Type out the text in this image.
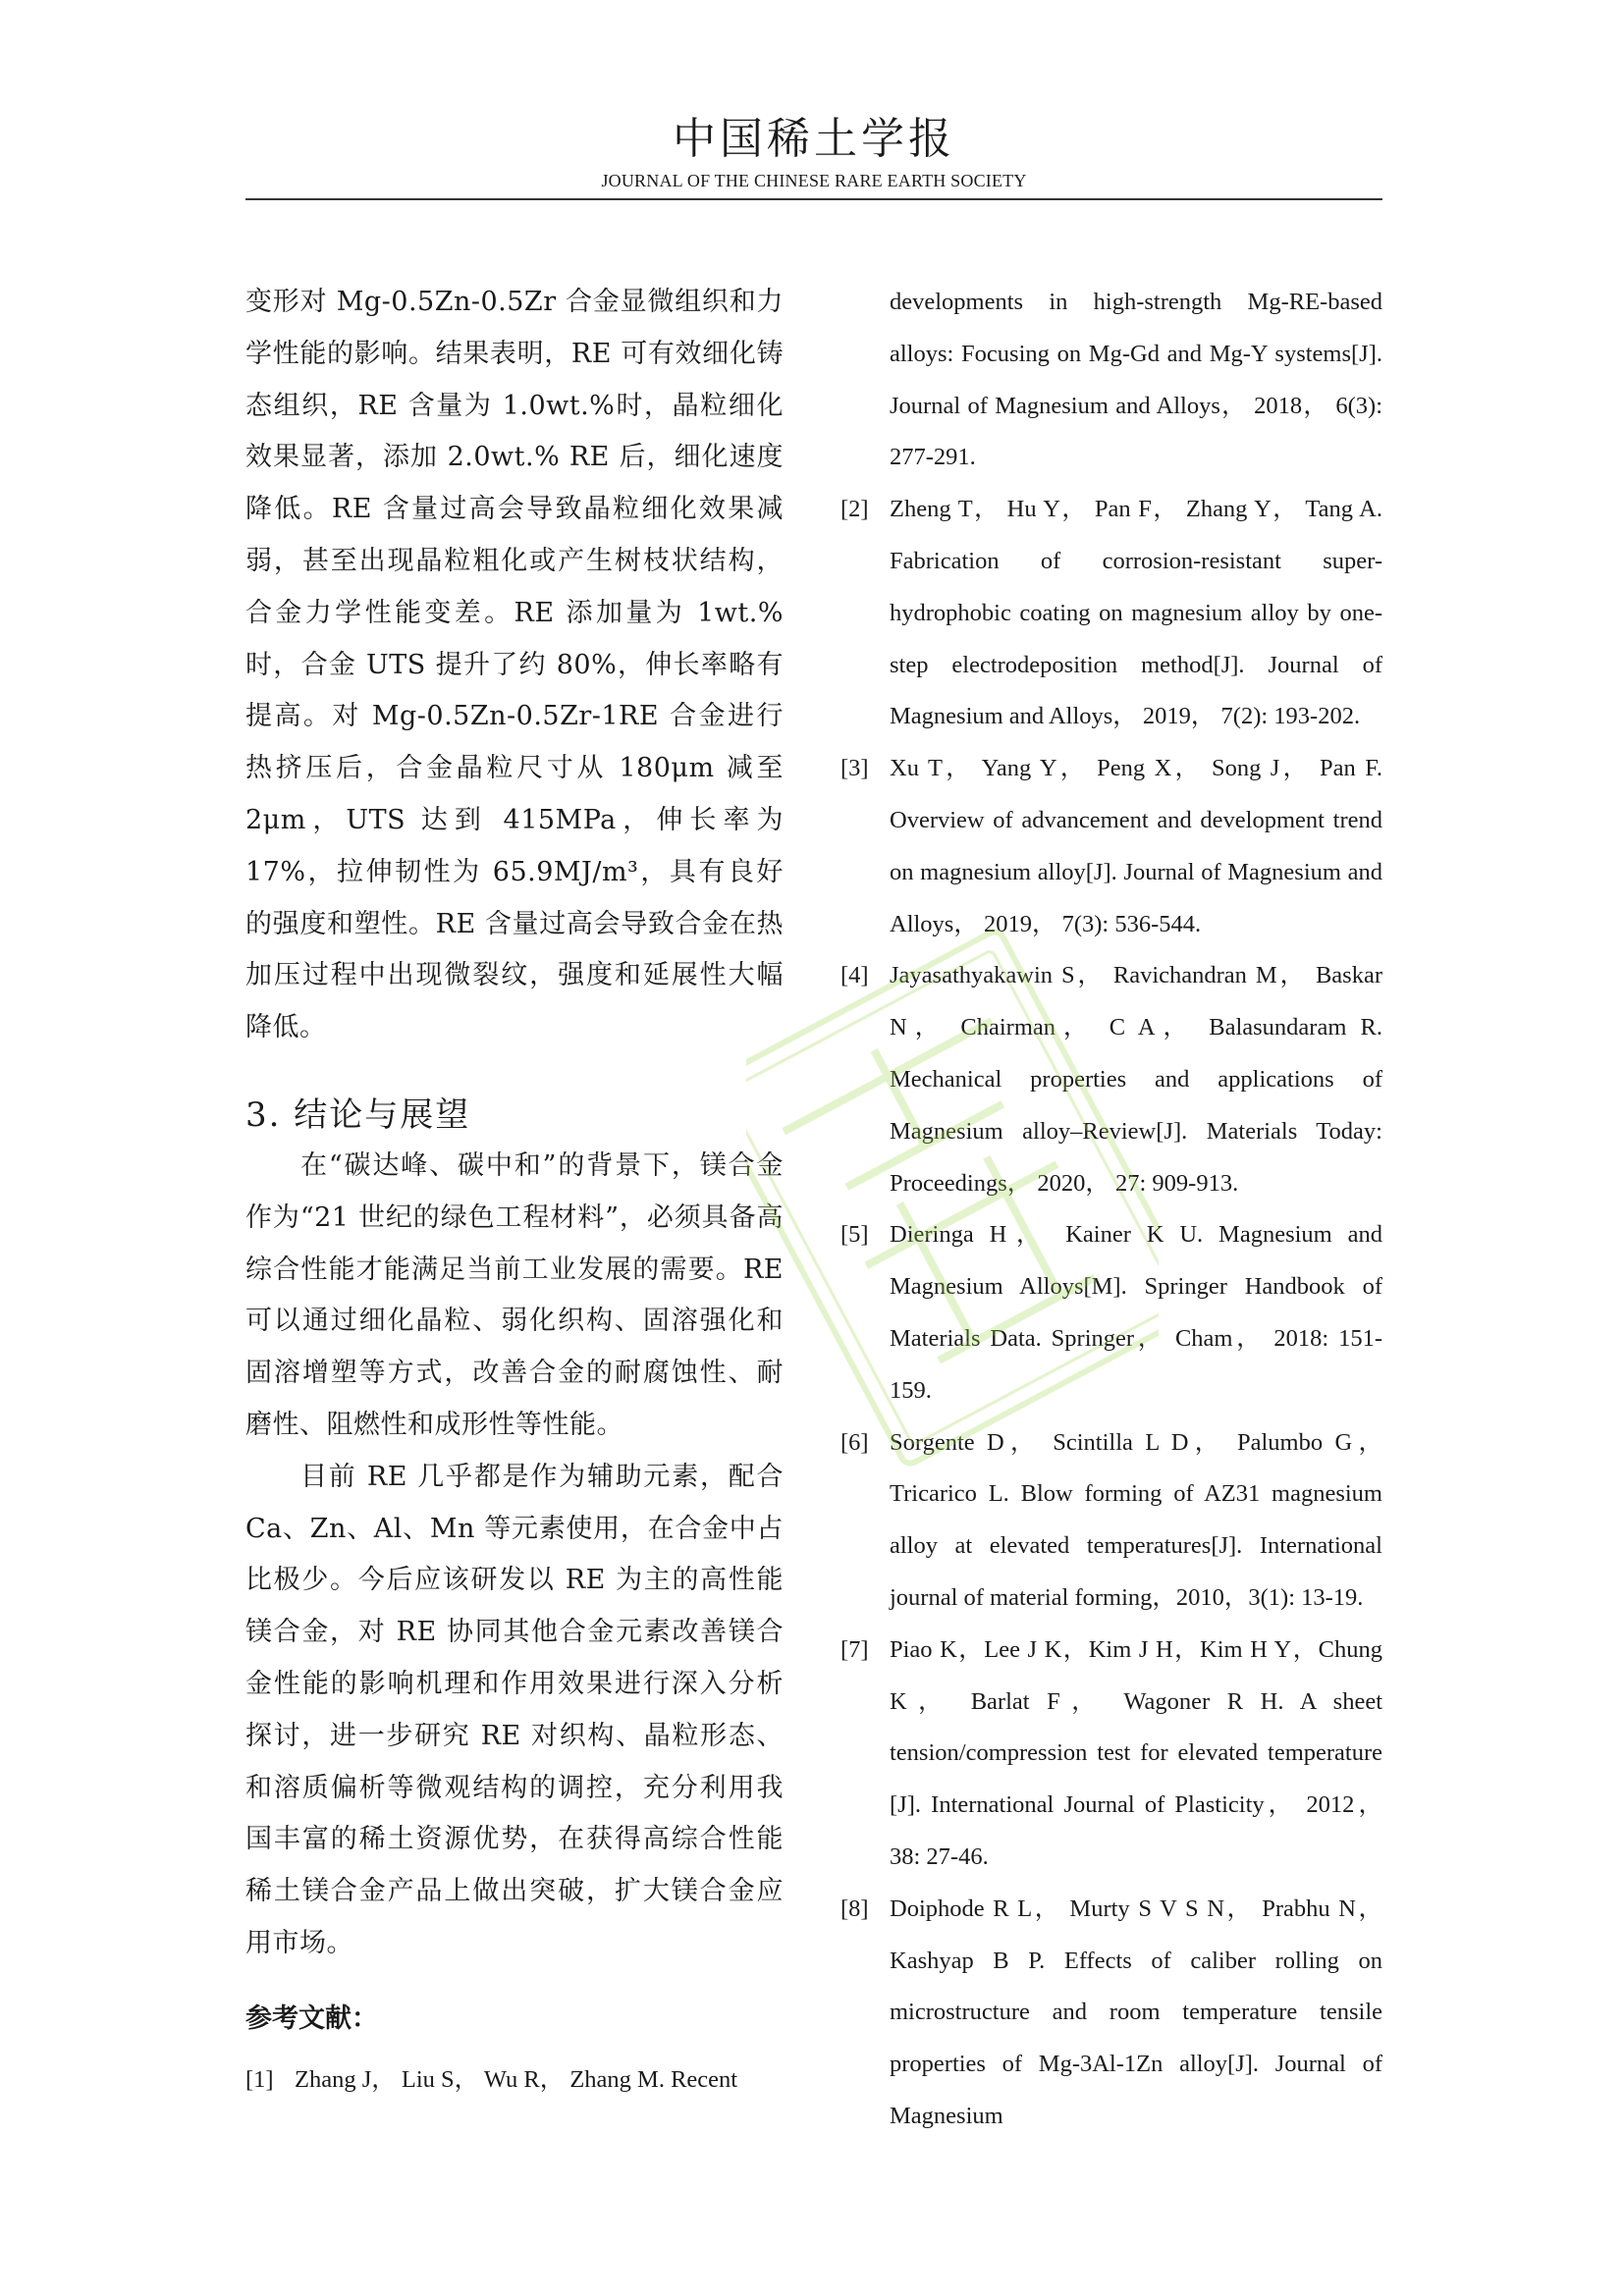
中国稀土学报
JOURNAL OF THE CHINESE RARE EARTH SOCIETY

变形对 Mg-0.5Zn-0.5Zr 合金显微组织和力学性能的影响。结果表明，RE 可有效细化铸态组织，RE 含量为 1.0wt.%时，晶粒细化效果显著，添加 2.0wt.% RE 后，细化速度降低。RE 含量过高会导致晶粒细化效果减弱，甚至出现晶粒粗化或产生树枝状结构，合金力学性能变差。RE 添加量为 1wt.%时，合金 UTS 提升了约 80%，伸长率略有提高。对 Mg-0.5Zn-0.5Zr-1RE 合金进行热挤压后，合金晶粒尺寸从 180μm 减至 2μm，UTS 达到 415MPa，伸长率为 17%，拉伸韧性为 65.9MJ/m³，具有良好的强度和塑性。RE 含量过高会导致合金在热加压过程中出现微裂纹，强度和延展性大幅降低。

3. 结论与展望

在“碳达峰、碳中和”的背景下，镁合金作为“21 世纪的绿色工程材料”，必须具备高综合性能才能满足当前工业发展的需要。RE 可以通过细化晶粒、弱化织构、固溶强化和固溶增塑等方式，改善合金的耐腐蚀性、耐磨性、阻燃性和成形性等性能。

目前 RE 几乎都是作为辅助元素，配合 Ca、Zn、Al、Mn 等元素使用，在合金中占比极少。今后应该研发以 RE 为主的高性能镁合金，对 RE 协同其他合金元素改善镁合金性能的影响机理和作用效果进行深入分析探讨，进一步研究 RE 对织构、晶粒形态、和溶质偏析等微观结构的调控，充分利用我国丰富的稀土资源优势，在获得高综合性能稀土镁合金产品上做出突破，扩大镁合金应用市场。

参考文献：
[1] Zhang J， Liu S， Wu R， Zhang M. Recent
developments in high-strength Mg-RE-based alloys: Focusing on Mg-Gd and Mg-Y systems[J]. Journal of Magnesium and Alloys， 2018， 6(3): 277-291.
[2] Zheng T， Hu Y， Pan F， Zhang Y， Tang A. Fabrication of corrosion-resistant super-hydrophobic coating on magnesium alloy by one-step electrodeposition method[J]. Journal of Magnesium and Alloys， 2019， 7(2): 193-202.
[3] Xu T， Yang Y， Peng X， Song J， Pan F. Overview of advancement and development trend on magnesium alloy[J]. Journal of Magnesium and Alloys， 2019， 7(3): 536-544.
[4] Jayasathyakawin S， Ravichandran M， Baskar N， Chairman， C A， Balasundaram R. Mechanical properties and applications of Magnesium alloy–Review[J]. Materials Today: Proceedings， 2020， 27: 909-913.
[5] Dieringa H， Kainer K U. Magnesium and Magnesium Alloys[M]. Springer Handbook of Materials Data. Springer， Cham， 2018: 151-159.
[6] Sorgente D， Scintilla L D， Palumbo G， Tricarico L. Blow forming of AZ31 magnesium alloy at elevated temperatures[J]. International journal of material forming，2010，3(1): 13-19.
[7] Piao K，Lee J K，Kim J H，Kim H Y，Chung K， Barlat F， Wagoner R H. A sheet tension/compression test for elevated temperature [J]. International Journal of Plasticity， 2012， 38: 27-46.
[8] Doiphode R L， Murty S V S N， Prabhu N， Kashyap B P. Effects of caliber rolling on microstructure and room temperature tensile properties of Mg-3Al-1Zn alloy[J]. Journal of Magnesium
